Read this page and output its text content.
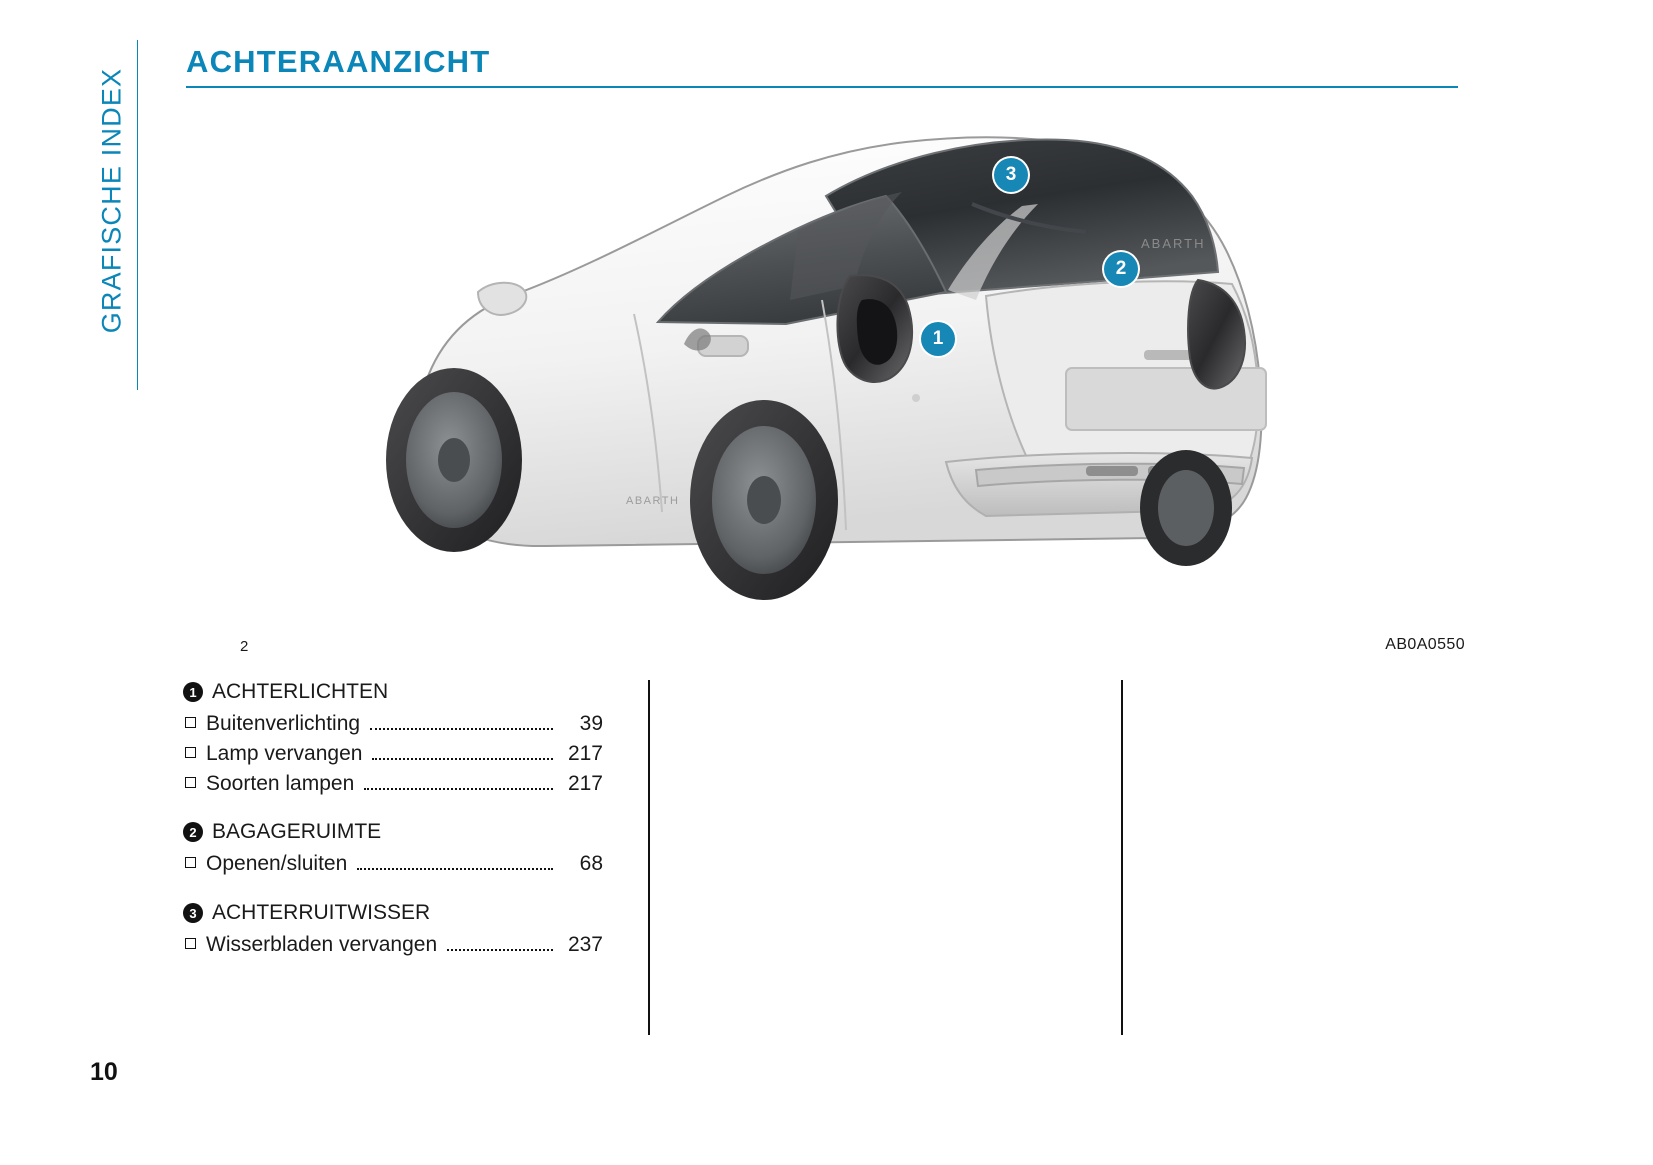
GRAFISCHE INDEX
ACHTERAANZICHT
ABARTH
ABARTH
1
2
3
2	AB0A0550
1 ACHTERLICHTEN
Buitenverlichting	39
Lamp vervangen	217
Soorten lampen	217
2 BAGAGERUIMTE
Openen/sluiten	68
3 ACHTERRUITWISSER
Wisserbladen vervangen	237
10
